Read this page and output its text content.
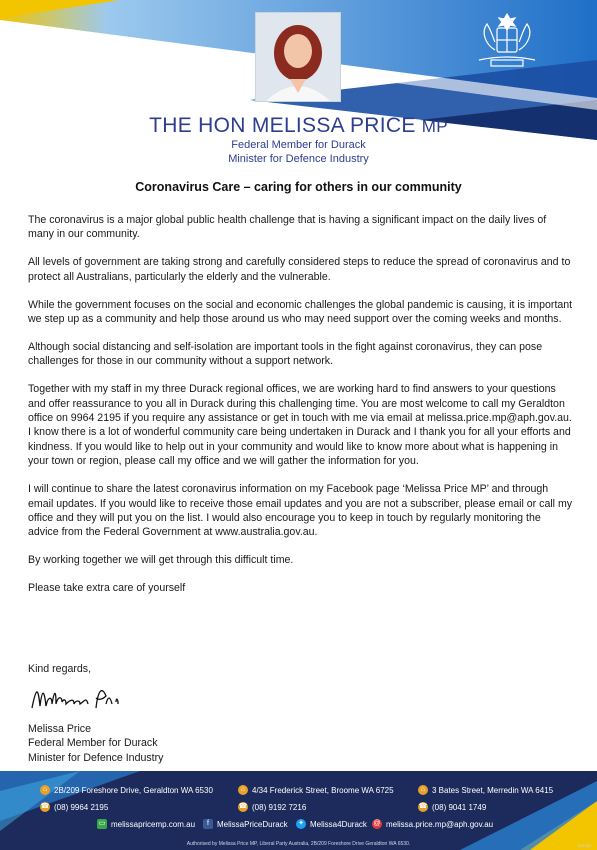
THE HON MELISSA PRICE MP
Federal Member for Durack
Minister for Defence Industry
Coronavirus Care – caring for others in our community

The coronavirus is a major global public health challenge that is having a significant impact on the daily lives of many in our community.

All levels of government are taking strong and carefully considered steps to reduce the spread of coronavirus and to protect all Australians, particularly the elderly and the vulnerable.

While the government focuses on the social and economic challenges the global pandemic is causing, it is important we step up as a community and help those around us who may need support over the coming weeks and months.

Although social distancing and self-isolation are important tools in the fight against coronavirus, they can pose challenges for those in our community without a support network.

Together with my staff in my three Durack regional offices, we are working hard to find answers to your questions and offer reassurance to you all in Durack during this challenging time. You are most welcome to call my Geraldton office on 9964 2195 if you require any assistance or get in touch with me via email at melissa.price.mp@aph.gov.au. I know there is a lot of wonderful community care being undertaken in Durack and I thank you for all your efforts and kindness. If you would like to help out in your community and would like to know more about what is happening in your town or region, please call my office and we will gather the information for you.

I will continue to share the latest coronavirus information on my Facebook page ‘Melissa Price MP’ and through email updates. If you would like to receive those email updates and you are not a subscriber, please email or call my office and they will put you on the list. I would also encourage you to keep in touch by regularly monitoring the advice from the Federal Government at www.australia.gov.au.

By working together we will get through this difficult time.

Please take extra care of yourself

Kind regards,
Melissa Price
Federal Member for Durack
Minister for Defence Industry
⌂ 2B/209 Foreshore Drive, Geraldton WA 6530	⌂ 4/34 Frederick Street, Broome WA 6725	⌂ 3 Bates Street, Merredin WA 6415
☎ (08) 9964 2195	☎ (08) 9192 7216	☎ (08) 9041 1749
▭ melissapricemp.com.au	f	MelissaPriceDurack ✦ Melissa4Durack @ melissa.price.mp@aph.gov.au
Authorised by Melissa Price MP, Liberal Party Australia, 2B/209 Foreshore Drive Geraldton WA 6530.	424330
